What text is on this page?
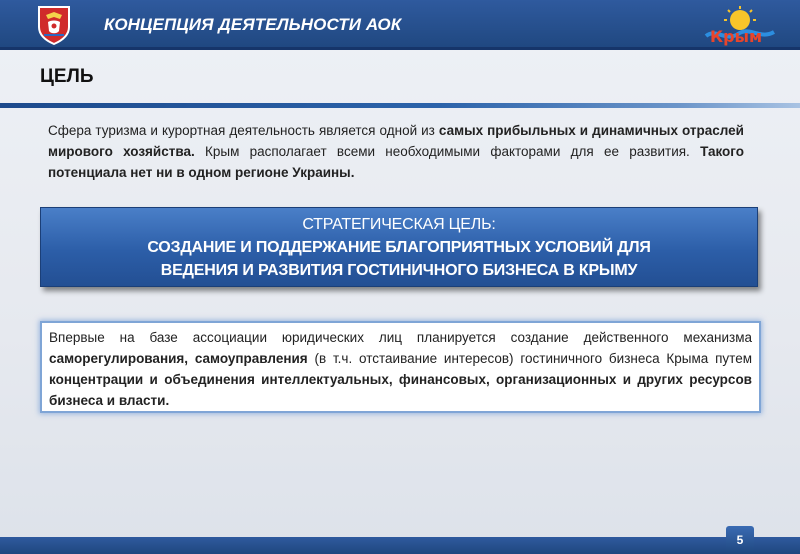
КОНЦЕПЦИЯ ДЕЯТЕЛЬНОСТИ АОК
Крым
ЦЕЛЬ

Сфера туризма и курортная деятельность является одной из самых прибыльных и динамичных отраслей мирового хозяйства. Крым располагает всеми необходимыми факторами для ее развития. Такого потенциала нет ни в одном регионе Украины.

СТРАТЕГИЧЕСКАЯ ЦЕЛЬ:
СОЗДАНИЕ И ПОДДЕРЖАНИЕ БЛАГОПРИЯТНЫХ УСЛОВИЙ ДЛЯ
ВЕДЕНИЯ И РАЗВИТИЯ ГОСТИНИЧНОГО БИЗНЕСА В КРЫМУ
Впервые на базе ассоциации юридических лиц планируется создание действенного механизма саморегулирования, самоуправления (в т.ч. отстаивание интересов) гостиничного бизнеса Крыма путем концентрации и объединения интеллектуальных, финансовых, организационных и других ресурсов бизнеса и власти.
5
